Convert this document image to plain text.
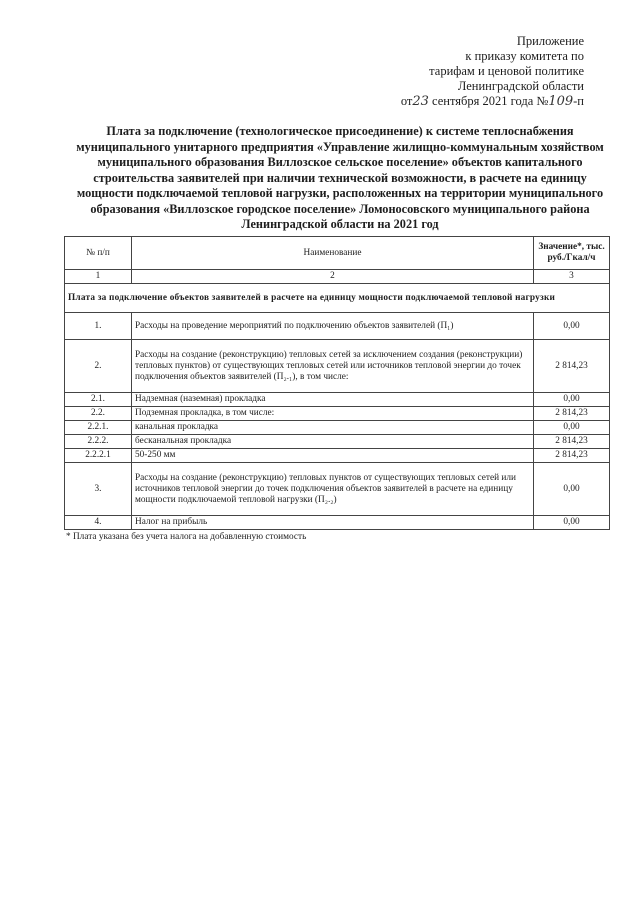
Приложение
к приказу комитета по
тарифам и ценовой политике
Ленинградской области
от23 сентября 2021 года №109-п
Плата за подключение (технологическое присоединение) к системе теплоснабжения
муниципального унитарного предприятия «Управление жилищно-коммунальным хозяйством
муниципального образования Виллозское сельское поселение» объектов капитального
строительства заявителей при наличии технической возможности, в расчете на единицу
мощности подключаемой тепловой нагрузки, расположенных на территории муниципального
образования «Виллозское городское поселение» Ломоносовского муниципального района
Ленинградской области на 2021 год
№ п/п	Наименование	Значение*, тыс. руб./Гкал/ч
1	2	3
Плата за подключение объектов заявителей в расчете на единицу мощности подключаемой тепловой нагрузки		
1.	Расходы на проведение мероприятий по подключению объектов заявителей (П₁)	0,00
2.	Расходы на создание (реконструкцию) тепловых сетей за исключением создания (реконструкции) тепловых пунктов) от существующих тепловых сетей или источников тепловой энергии до точек подключения объектов заявителей (П₂.₁), в том числе:	2 814,23
2.1.	Надземная (наземная) прокладка	0,00
2.2.	Подземная прокладка, в том числе:	2 814,23
2.2.1.	канальная прокладка	0,00
2.2.2.	бесканальная прокладка	2 814,23
2.2.2.1	50-250 мм	2 814,23
3.	Расходы на создание (реконструкцию) тепловых пунктов от существующих тепловых сетей или источников тепловой энергии до точек подключения объектов заявителей в расчете на единицу мощности подключаемой тепловой нагрузки (П₂.₂)	0,00
4.	Налог на прибыль	0,00
* Плата указана без учета налога на добавленную стоимость
